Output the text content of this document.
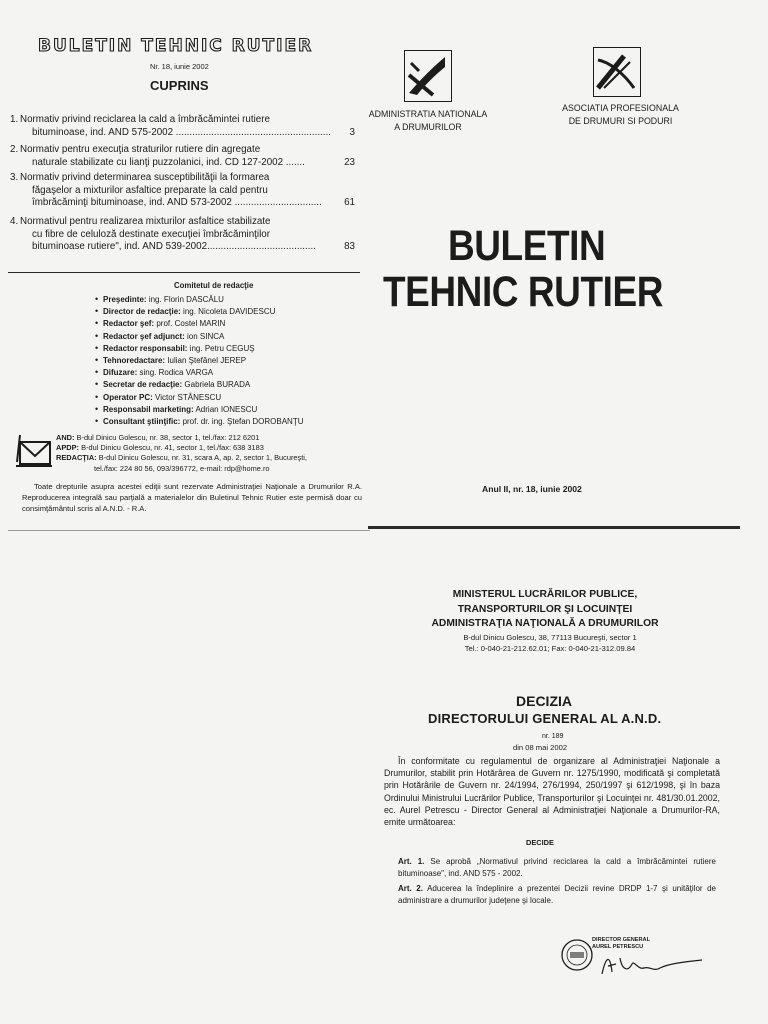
BULETIN TEHNIC RUTIER
Nr. 18, iunie 2002
CUPRINS
1. Normativ privind reciclarea la cald a îmbrăcămintei rutiere
bituminoase, ind. AND 575-2002 .........................................................	3
2. Normativ pentru execuţia straturilor rutiere din agregate
naturale stabilizate cu lianţi puzzolanici, ind. CD 127-2002 .......	23
3. Normativ privind determinarea susceptibilităţii la formarea
făgaşelor a mixturilor asfaltice preparate la cald pentru
îmbrăcăminţi bituminoase, ind. AND 573-2002 ................................	61
4. Normativul pentru realizarea mixturilor asfaltice stabilizate
cu fibre de celuloză destinate execuţiei îmbrăcăminţilor
bituminoase rutiere", ind. AND 539-2002........................................	83
Comitetul de redacţie
• Preşedinte: ing. Florin DASCĂLU
• Director de redacţie: ing. Nicoleta DAVIDESCU
• Redactor şef: prof. Costel MARIN
• Redactor şef adjunct: ion SINCA
• Redactor responsabil: ing. Petru CEGUŞ
• Tehnoredactare: Iulian Ştefănel JEREP
• Difuzare: sing. Rodica VARGA
• Secretar de redacţie: Gabriela BURADA
• Operator PC: Victor STĂNESCU
• Responsabil marketing: Adrian IONESCU
• Consultant ştiinţific: prof. dr. ing. Ştefan DOROBANŢU
AND: B-dul Dinicu Golescu, nr. 38, sector 1, tel./fax: 212 6201
APDP: B-dul Dinicu Golescu, nr. 41, sector 1, tel./fax: 638 3183
REDACŢIA: B-dul Dinicu Golescu, nr. 31, scara A, ap. 2, sector 1, Bucureşti,
tel./fax: 224 80 56, 093/396772, e-mail: rdp@home.ro
Toate drepturile asupra acestei ediţii sunt rezervate Administraţiei Naţionale a Drumurilor R.A. Reproducerea integrală sau parţială a materialelor din Buletinul Tehnic Rutier este permisă doar cu consimţământul scris al A.N.D. - R.A.
ADMINISTRATIA NATIONALA
A DRUMURILOR
ASOCIATIA PROFESIONALA
DE DRUMURI SI PODURI
BULETIN
TEHNIC RUTIER
Anul II, nr. 18, iunie 2002
MINISTERUL LUCRĂRILOR PUBLICE,
TRANSPORTURILOR ŞI LOCUINŢEI
ADMINISTRAŢIA NAŢIONALĂ A DRUMURILOR
B-dul Dinicu Golescu, 38, 77113 Bucureşti, sector 1
Tel.: 0-040-21-212.62.01; Fax: 0-040-21-312.09.84
DECIZIA
DIRECTORULUI GENERAL AL A.N.D.
nr. 189
din 08 mai 2002
În conformitate cu regulamentul de organizare al Administraţiei Naţionale a Drumurilor, stabilit prin Hotărârea de Guvern nr. 1275/1990, modificată şi completată prin Hotărârile de Guvern nr. 24/1994, 276/1994, 250/1997 şi 612/1998, şi în baza Ordinului Ministrului Lucrărilor Publice, Transporturilor şi Locuinţei nr. 481/30.01.2002, ec. Aurel Petrescu - Director General al Administraţiei Naţionale a Drumurilor-RA, emite următoarea:
DECIDE
Art. 1. Se aprobă „Normativul privind reciclarea la cald a îmbrăcămintei rutiere bituminoase", ind. AND 575 - 2002.
Art. 2. Aducerea la îndeplinire a prezentei Decizii revine DRDP 1-7 şi unităţilor de administrare a drumurilor judeţene şi locale.
DIRECTOR GENERAL
AUREL PETRESCU
